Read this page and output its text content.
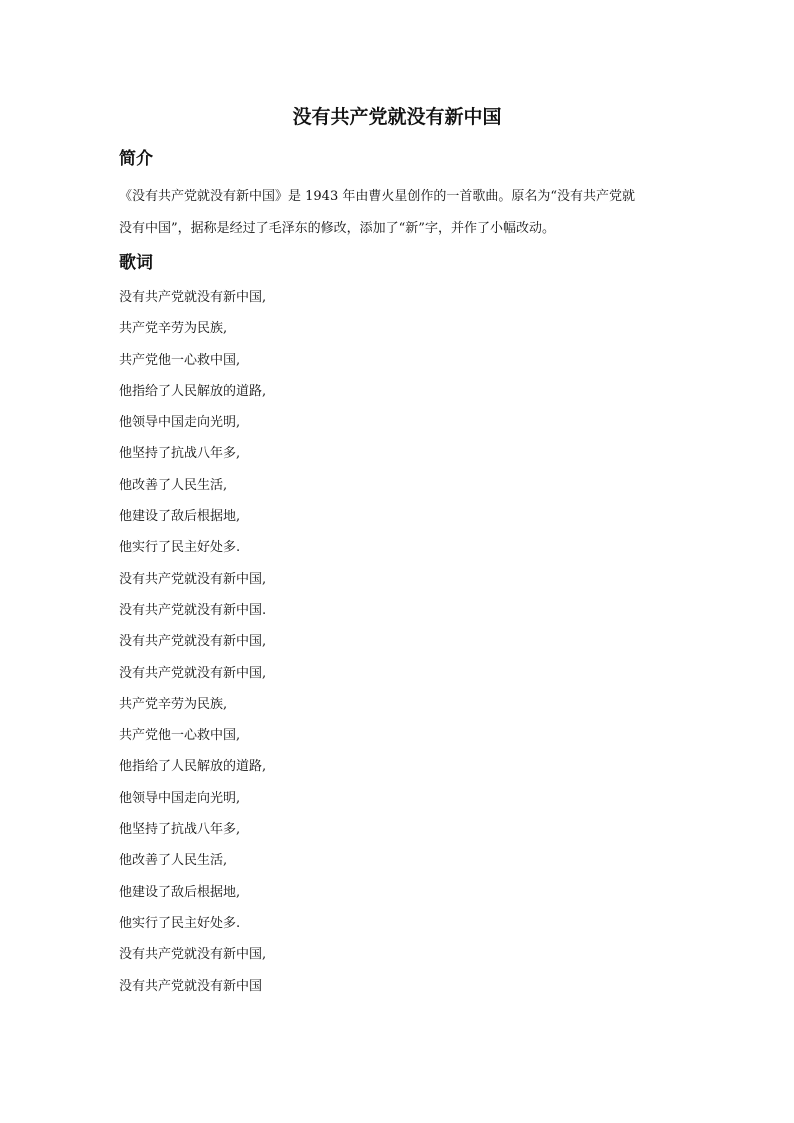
没有共产党就没有新中国
简介

《没有共产党就没有新中国》是 1943 年由曹火星创作的一首歌曲。原名为“没有共产党就
没有中国”，据称是经过了毛泽东的修改，添加了“新”字，并作了小幅改动。

歌词
没有共产党就没有新中国,
共产党辛劳为民族,
共产党他一心救中国,
他指给了人民解放的道路,
他领导中国走向光明,
他坚持了抗战八年多,
他改善了人民生活,
他建设了敌后根据地,
他实行了民主好处多.
没有共产党就没有新中国,
没有共产党就没有新中国.
没有共产党就没有新中国,
没有共产党就没有新中国,
共产党辛劳为民族,
共产党他一心救中国,
他指给了人民解放的道路,
他领导中国走向光明,
他坚持了抗战八年多,
他改善了人民生活,
他建设了敌后根据地,
他实行了民主好处多.
没有共产党就没有新中国,
没有共产党就没有新中国
